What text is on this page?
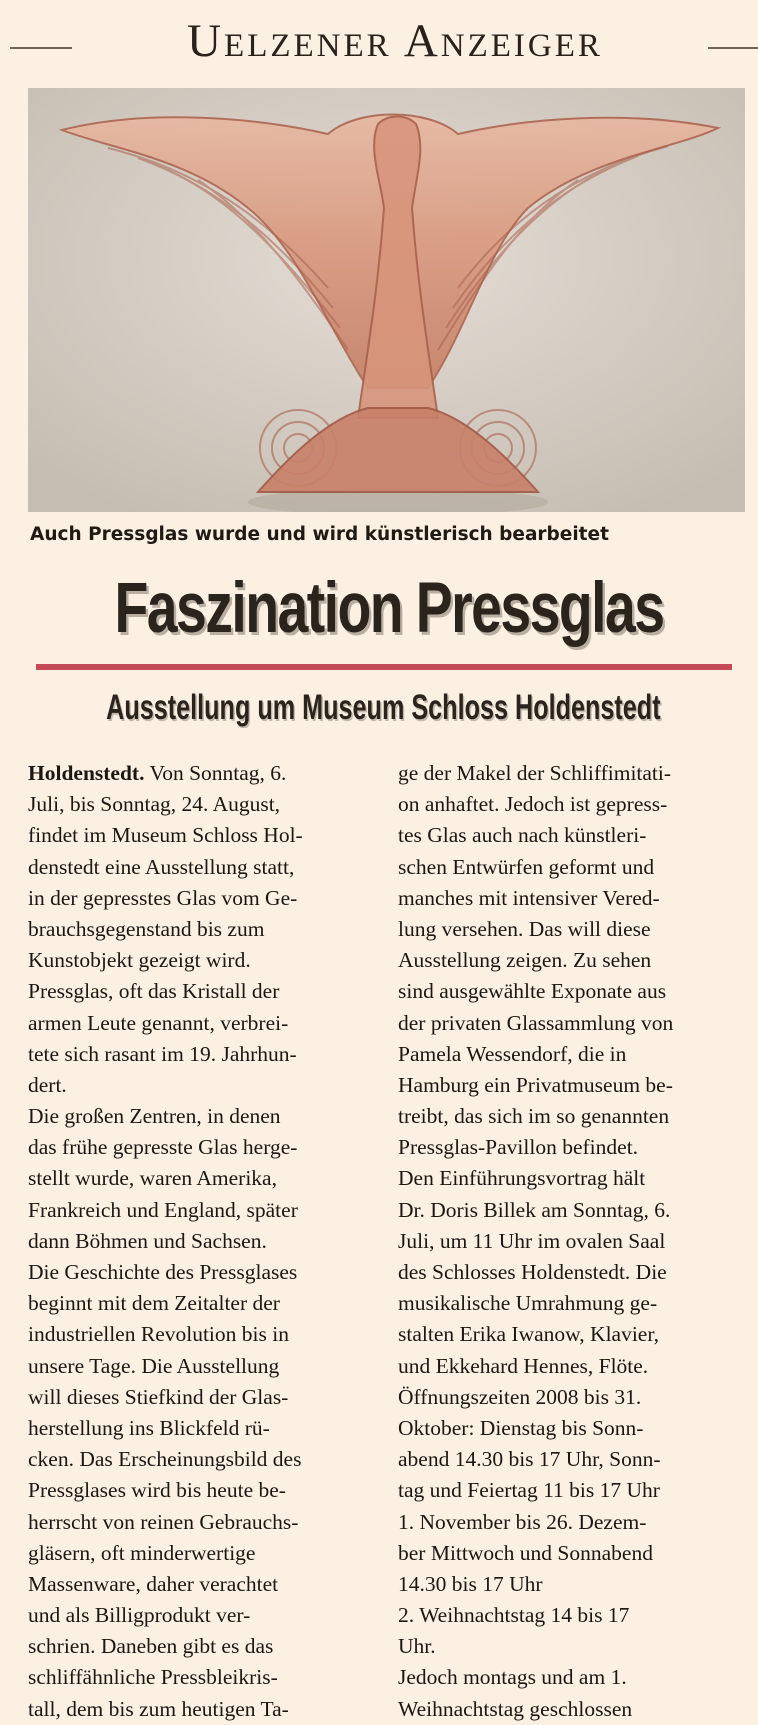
Uelzener Anzeiger
Auch Pressglas wurde und wird künstlerisch bearbeitet
Faszination Pressglas
Ausstellung um Museum Schloss Holdenstedt
Holdenstedt. Von Sonntag, 6.
Juli, bis Sonntag, 24. August,
findet im Museum Schloss Hol-
denstedt eine Ausstellung statt,
in der gepresstes Glas vom Ge-
brauchsgegenstand bis zum
Kunstobjekt gezeigt wird.
Pressglas, oft das Kristall der
armen Leute genannt, verbrei-
tete sich rasant im 19. Jahrhun-
dert.
Die großen Zentren, in denen
das frühe gepresste Glas herge-
stellt wurde, waren Amerika,
Frankreich und England, später
dann Böhmen und Sachsen.
Die Geschichte des Pressglases
beginnt mit dem Zeitalter der
industriellen Revolution bis in
unsere Tage. Die Ausstellung
will dieses Stiefkind der Glas-
herstellung ins Blickfeld rü-
cken. Das Erscheinungsbild des
Pressglases wird bis heute be-
herrscht von reinen Gebrauchs-
gläsern, oft minderwertige
Massenware, daher verachtet
und als Billigprodukt ver-
schrien. Daneben gibt es das
schliffähnliche Pressbleikris-
tall, dem bis zum heutigen Ta-
ge der Makel der Schliffimitati-
on anhaftet. Jedoch ist gepress-
tes Glas auch nach künstleri-
schen Entwürfen geformt und
manches mit intensiver Vered-
lung versehen. Das will diese
Ausstellung zeigen. Zu sehen
sind ausgewählte Exponate aus
der privaten Glassammlung von
Pamela Wessendorf, die in
Hamburg ein Privatmuseum be-
treibt, das sich im so genannten
Pressglas-Pavillon befindet.
Den Einführungsvortrag hält
Dr. Doris Billek am Sonntag, 6.
Juli, um 11 Uhr im ovalen Saal
des Schlosses Holdenstedt. Die
musikalische Umrahmung ge-
stalten Erika Iwanow, Klavier,
und Ekkehard Hennes, Flöte.
Öffnungszeiten 2008 bis 31.
Oktober: Dienstag bis Sonn-
abend 14.30 bis 17 Uhr, Sonn-
tag und Feiertag 11 bis 17 Uhr
1. November bis 26. Dezem-
ber Mittwoch und Sonnabend
14.30 bis 17 Uhr
2. Weihnachtstag 14 bis 17
Uhr.
Jedoch montags und am 1.
Weihnachtstag geschlossen
